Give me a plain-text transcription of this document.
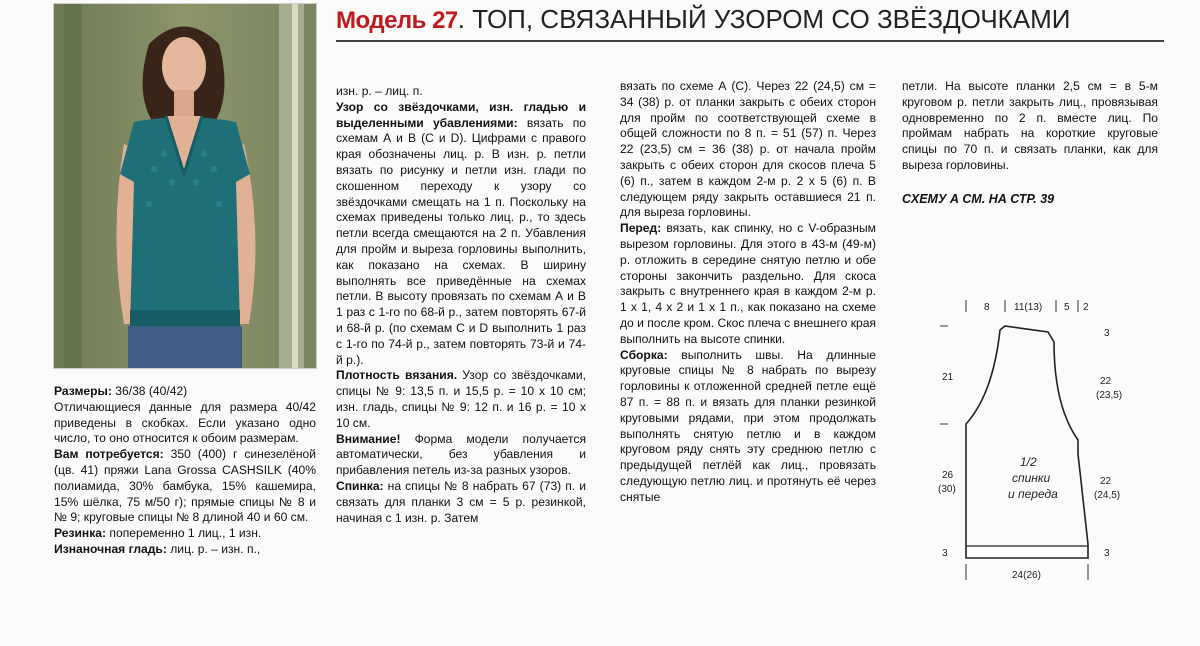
Модель 27. ТОП, СВЯЗАННЫЙ УЗОРОМ СО ЗВЁЗДОЧКАМИ

Размеры: 36/38 (40/42)

Отличающиеся данные для размера 40/42 приведены в скобках. Если указано одно число, то оно относится к обоим размерам.

Вам потребуется: 350 (400) г синезелёной (цв. 41) пряжи Lana Grossa CASHSILK (40% полиамида, 30% бамбука, 15% кашемира, 15% шёлка, 75 м/50 г); прямые спицы № 8 и № 9; круговые спицы № 8 длиной 40 и 60 см.

Резинка: попеременно 1 лиц., 1 изн.

Изнаночная гладь: лиц. р. – изн. п.,

изн. р. – лиц. п.

Узор со звёздочками, изн. гладью и выделенными убавлениями: вязать по схемам А и В (С и D). Цифрами с правого края обозначены лиц. р. В изн. р. петли вязать по рисунку и петли изн. глади по скошенном переходу к узору со звёздочками смещать на 1 п. Поскольку на схемах приведены только лиц. р., то здесь петли всегда смещаются на 2 п. Убавления для пройм и выреза горловины выполнить, как показано на схемах. В ширину выполнять все приведённые на схемах петли. В высоту провязать по схемам А и В 1 раз с 1-го по 68-й р., затем повторять 67-й и 68-й р. (по схемам С и D выполнить 1 раз с 1-го по 74-й р., затем повторять 73-й и 74-й р.).

Плотность вязания. Узор со звёздочками, спицы № 9: 13,5 п. и 15,5 р. = 10 х 10 см; изн. гладь, спицы № 9: 12 п. и 16 р. = 10 х 10 см.

Внимание! Форма модели получается автоматически, без убавления и прибавления петель из-за разных узоров.

Спинка: на спицы № 8 набрать 67 (73) п. и связать для планки 3 см = 5 р. резинкой, начиная с 1 изн. р. Затем

вязать по схеме А (С). Через 22 (24,5) см = 34 (38) р. от планки закрыть с обеих сторон для пройм по соответствующей схеме в общей сложности по 8 п. = 51 (57) п. Через 22 (23,5) см = 36 (38) р. от начала пройм закрыть с обеих сторон для скосов плеча 5 (6) п., затем в каждом 2-м р. 2 х 5 (6) п. В следующем ряду закрыть оставшиеся 21 п. для выреза горловины.

Перед: вязать, как спинку, но с V-образным вырезом горловины. Для этого в 43-м (49-м) р. отложить в середине снятую петлю и обе стороны закончить раздельно. Для скоса закрыть с внутреннего края в каждом 2-м р. 1 х 1, 4 х 2 и 1 х 1 п., как показано на схеме до и после кром. Скос плеча с внешнего края выполнить на высоте спинки.

Сборка: выполнить швы. На длинные круговые спицы № 8 набрать по вырезу горловины к отложенной средней петле ещё 87 п. = 88 п. и вязать для планки резинкой круговыми рядами, при этом продолжать выполнять снятую петлю и в каждом круговом ряду снять эту среднюю петлю с предыдущей петлёй как лиц., провязать следующую петлю лиц. и протянуть её через снятые

петли. На высоте планки 2,5 см = в 5-м круговом р. петли закрыть лиц., провязывая одновременно по 2 п. вместе лиц. По проймам набрать на короткие круговые спицы по 70 п. и связать планки, как для выреза горловины.

СХЕМУ А СМ. НА СТР. 39

8 11(13) 5 2
21
26
(30)
3
3
22
(23,5)
22
(24,5)
3
1/2
спинки
и переда
24(26)
